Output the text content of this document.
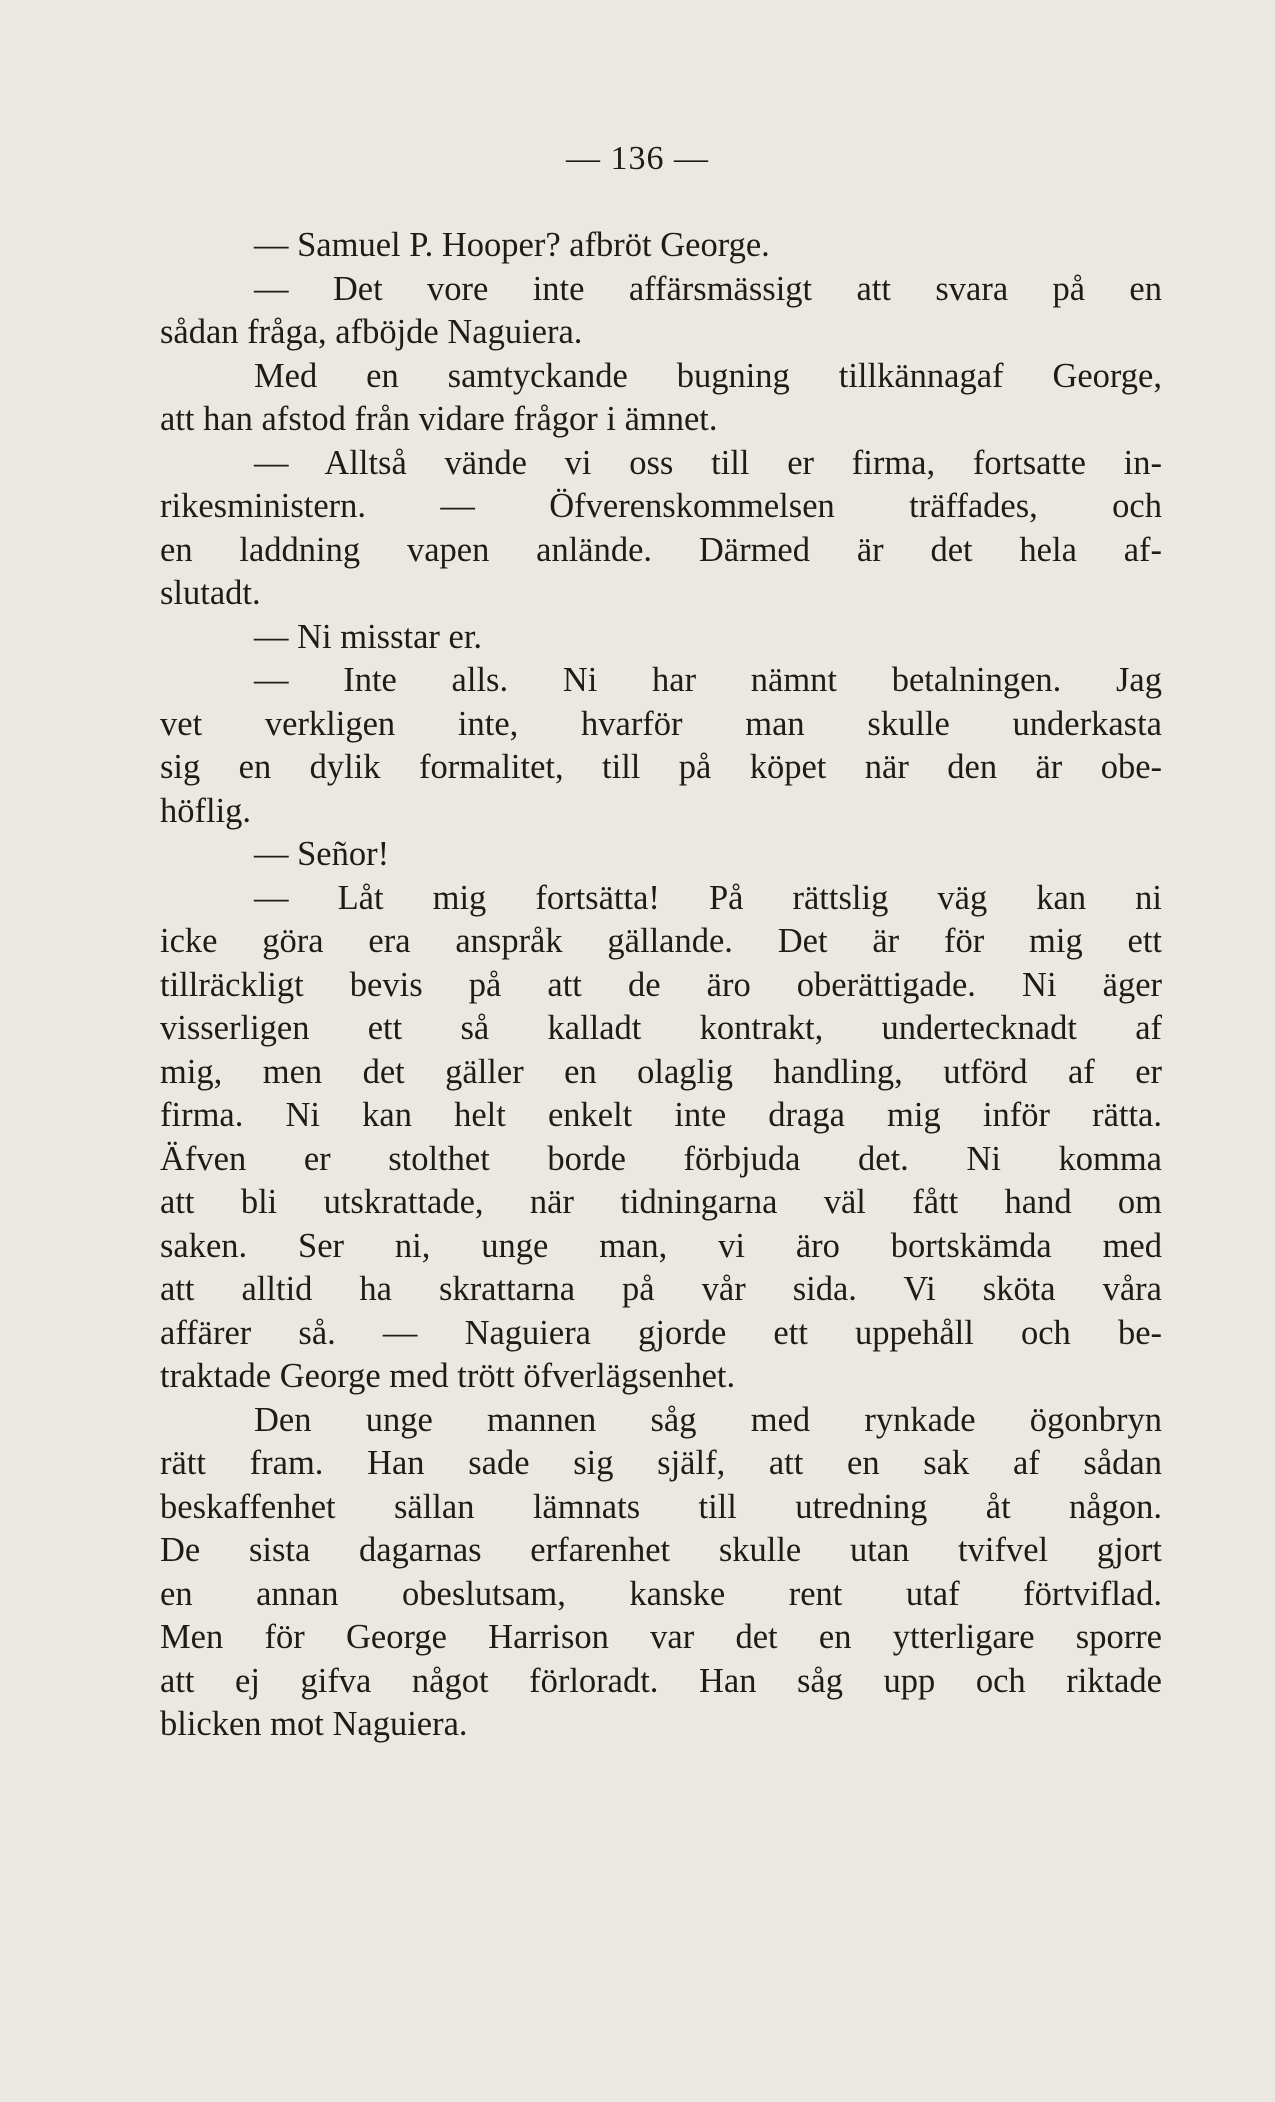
— 136 —

— Samuel P. Hooper? afbröt George.

— Det vore inte affärsmässigt att svara på en
sådan fråga, afböjde Naguiera.

Med en samtyckande bugning tillkännagaf George,
att han afstod från vidare frågor i ämnet.

— Alltså vände vi oss till er firma, fortsatte in-
rikesministern. — Öfverenskommelsen träffades, och
en laddning vapen anlände. Därmed är det hela af-
slutadt.

— Ni misstar er.

— Inte alls. Ni har nämnt betalningen. Jag
vet verkligen inte, hvarför man skulle underkasta
sig en dylik formalitet, till på köpet när den är obe-
höflig.

— Señor!

— Låt mig fortsätta! På rättslig väg kan ni
icke göra era anspråk gällande. Det är för mig ett
tillräckligt bevis på att de äro oberättigade. Ni äger
visserligen ett så kalladt kontrakt, undertecknadt af
mig, men det gäller en olaglig handling, utförd af er
firma. Ni kan helt enkelt inte draga mig inför rätta.
Äfven er stolthet borde förbjuda det. Ni komma
att bli utskrattade, när tidningarna väl fått hand om
saken. Ser ni, unge man, vi äro bortskämda med
att alltid ha skrattarna på vår sida. Vi sköta våra
affärer så. — Naguiera gjorde ett uppehåll och be-
traktade George med trött öfverlägsenhet.

Den unge mannen såg med rynkade ögonbryn
rätt fram. Han sade sig själf, att en sak af sådan
beskaffenhet sällan lämnats till utredning åt någon.
De sista dagarnas erfarenhet skulle utan tvifvel gjort
en annan obeslutsam, kanske rent utaf förtviflad.
Men för George Harrison var det en ytterligare sporre
att ej gifva något förloradt. Han såg upp och riktade
blicken mot Naguiera.
